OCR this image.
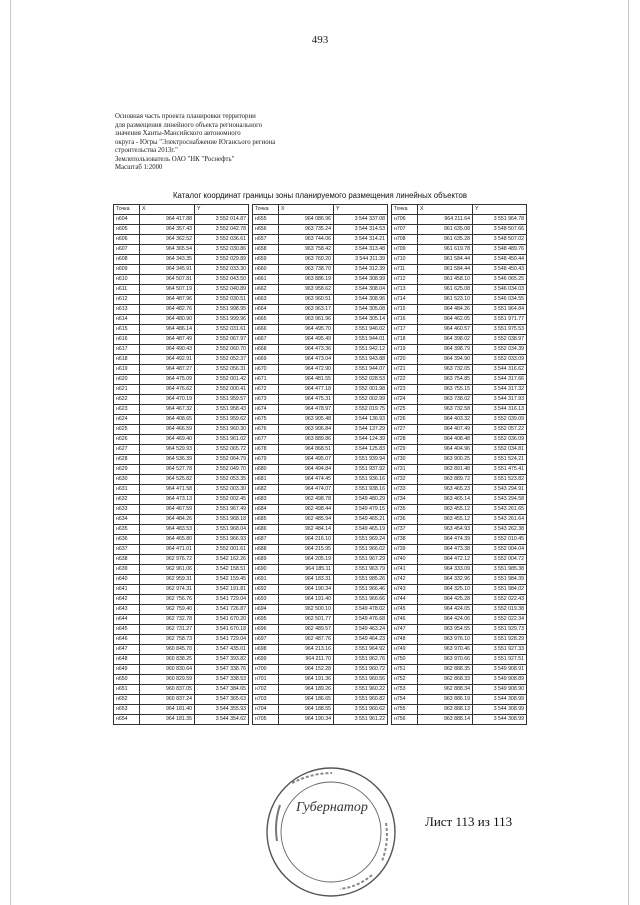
493
Основная часть проекта планировки территории
для размещения линейного объекта регионального
значения Ханты-Мансийского автономного
округа - Югры "Электроснабжение Югансього региона
строительства 2013г."
Землепользователь ОАО "НК "Роснефть"
Масштаб 1:2000
Каталог координат границы зоны планируемого размещения линейных объектов
Точка	X	Y
н604	964 417.88	3 552 014.87
н605	964 357.43	3 552 042.78
н606	964 362.52	3 552 036.61
н607	964 365.54	3 552 030.86
н608	964 343.35	3 552 029.89
н609	964 345.91	3 552 033.30
н610	964 507.81	3 552 043.50
н611	964 507.19	3 552 040.89
н612	964 487.96	3 552 030.51
н613	964 482.76	3 551 998.95
н614	964 480.90	3 551 999.96
н615	964 486.14	3 552 031.61
н616	964 487.49	3 552 067.97
н617	964 490.43	3 552 060.70
н618	964 492.91	3 552 052.37
н619	964 487.27	3 552 056.31
н620	964 475.09	3 552 001.42
н621	964 476.62	3 552 000.41
н622	964 470.19	3 551 959.57
н623	964 467.32	3 551 958.43
н624	964 408.65	3 551 959.62
н625	964 466.59	3 551 960.30
н626	964 469.40	3 551 961.02
н627	964 529.93	3 552 065.72
н628	964 536.39	3 552 064.79
н629	964 527.78	3 552 049.70
н630	964 525.82	3 552 053.35
н631	964 471.58	3 552 003.30
н632	964 473.13	3 552 002.45
н633	964 467.59	3 551 967.49
н634	964 484.26	3 551 968.18
н635	964 483.53	3 551 968.04
н636	964 465.80	3 551 966.93
н637	964 471.01	3 552 001.61
н638	962 976.72	3 542 162.26
н639	962 961.06	3 542 158.51
н640	962 959.31	3 542 159.45
н641	962 974.31	3 542 191.81
н642	962 756.76	3 541 729.04
н643	962 759.40	3 541 726.87
н644	962 732.78	3 541 670.20
н645	962 731.27	3 541 670.18
н646	962 758.73	3 541 729.04
н647	960 845.70	3 547 435.01
н648	960 838.25	3 547 393.82
н649	960 830.64	3 547 338.76
н650	960 829.59	3 547 338.53
н651	960 837.05	3 547 384.65
н652	960 837.24	3 547 365.63
н653	964 181.40	3 544 355.93
н654	964 181.35	3 544 354.62
Точка	X	Y
н655	964 086.96	3 544 337.08
н656	963 735.24	3 544 314.53
н657	963 744.06	3 544 314.21
н658	963 758.42	3 544 313.48
н659	963 760.20	3 544 311.39
н660	963 738.70	3 544 312.39
н661	963 886.19	3 544 308.99
н662	963 958.62	3 544 308.04
н663	963 960.51	3 544 308.96
н664	963 963.17	3 544 305.08
н665	963 961.96	3 544 305.14
н666	964 495.70	3 551 946.02
н667	964 495.49	3 551 944.01
н668	964 473.36	3 551 942.12
н669	964 473.04	3 551 943.88
н670	964 472.90	3 551 944.07
н671	964 481.55	3 552 028.53
н672	964 477.18	3 552 001.98
н673	964 475.31	3 552 002.99
н674	964 478.97	3 552 019.75
н675	963 905.48	3 544 136.93
н676	963 906.84	3 544 137.29
н677	963 889.86	3 544 124.39
н678	964 868.51	3 544 125.83
н679	964 495.07	3 551 939.94
н680	964 494.84	3 551 937.92
н681	964 474.45	3 551 936.16
н682	964 474.07	3 551 938.16
н683	962 498.78	3 549 480.29
н684	962 498.44	3 549 479.15
н685	962 485.94	3 549 465.21
н686	962 484.14	3 549 465.19
н687	964 216.10	3 551 969.24
н688	964 215.95	3 551 966.02
н689	964 205.19	3 551 967.29
н690	964 185.11	3 551 963.79
н691	964 183.31	3 551 985.26
н692	964 190.34	3 551 966.46
н693	964 191.40	3 551 966.66
н694	962 500.10	3 549 478.02
н695	962 501.77	3 549 476.68
н696	962 489.57	3 549 463.24
н697	962 487.76	3 549 464.23
н698	964 213.16	3 551 964.92
н699	964 211.70	3 551 962.76
н700	964 152.28	3 551 960.72
н701	964 191.36	3 551 960.56
н702	964 189.26	3 551 960.22
н703	964 186.65	3 551 960.82
н704	964 188.55	3 551 960.62
н705	964 190.34	3 551 961.22
Точка	X	Y
н706	964 211.64	3 551 964.78
н707	961 635.08	3 548 507.66
н708	961 635.28	3 548 507.02
н709	961 619.78	3 548 489.76
н710	961 584.44	3 548 450.44
н711	961 584.44	3 548 450.43
н712	961 458.10	3 546 065.25
н713	961 625.08	3 546 034.03
н714	961 523.10	3 546 034.55
н715	964 484.26	3 551 964.84
н716	964 462.05	3 551 971.77
н717	964 460.57	3 551 975.53
н718	964 398.02	3 552 038.97
н719	964 398.79	3 552 034.39
н720	964 394.90	3 552 033.09
н721	963 732.05	3 544 316.62
н722	963 754.85	3 544 317.66
н723	963 755.15	3 544 317.32
н724	963 738.02	3 544 317.93
н725	963 732.58	3 544 316.13
н726	964 403.32	3 552 039.09
н727	964 407.49	3 552 057.22
н728	964 408.48	3 552 036.09
н729	964 404.96	3 552 034.81
н730	963 900.25	3 551 524.21
н731	963 891.48	3 551 475.41
н732	963 889.72	3 551 523.82
н733	963 465.23	3 543 294.91
н734	963 465.14	3 543 294.58
н735	963 455.12	3 543 261.65
н736	963 455.12	3 543 261.64
н737	963 454.93	3 543 262.38
н738	964 474.39	3 552 010.45
н739	964 473.38	3 552 004.04
н740	964 472.12	3 552 004.72
н741	964 333.09	3 551 985.38
н742	964 332.96	3 551 984.39
н743	964 325.10	3 551 984.02
н744	964 425.28	3 552 022.43
н745	964 424.05	3 552 019.38
н746	964 424.06	3 552 022.34
н747	963 954.55	3 551 929.73
н748	963 976.10	3 551 928.29
н749	963 970.46	3 551 927.33
н750	963 970.66	3 551 927.51
н751	962 888.35	3 549 908.91
н752	962 868.33	3 549 908.89
н753	962 888.34	3 549 908.90
н754	963 886.19	3 544 308.99
н755	963 888.13	3 544 308.99
н756	963 888.14	3 544 308.99
Губернатор
Лист 113 из 113
